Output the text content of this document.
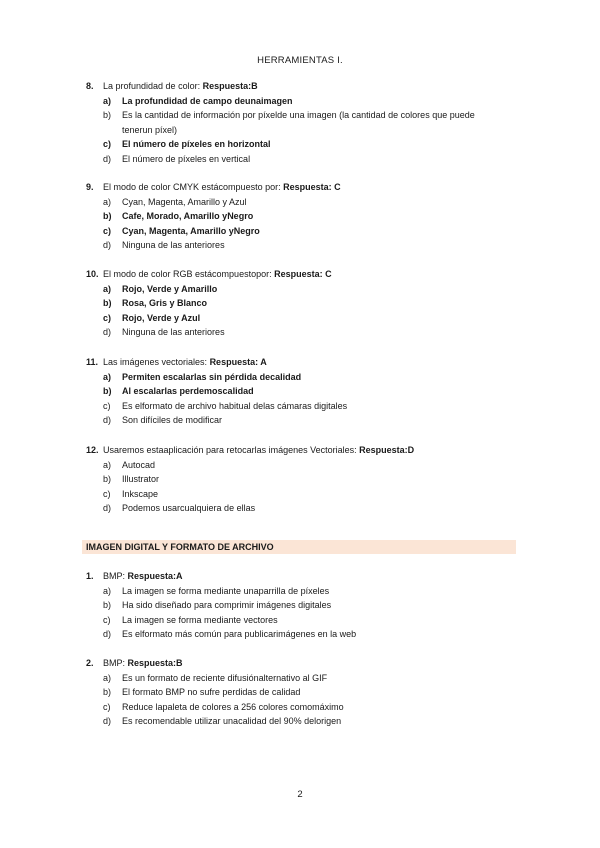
HERRAMIENTAS I.
8.	La profundidad de color: Respuesta:B
a)	La profundidad de campo deunaimagen
b)	Es la cantidad de información por píxelde una imagen (la cantidad de colores que puede tenerun píxel)
c)	El número de píxeles en horizontal
d)	El número de píxeles en vertical
9.	El modo de color CMYK estácompuesto por: Respuesta: C
a)	Cyan, Magenta, Amarillo y Azul
b)	Cafe, Morado, Amarillo yNegro
c)	Cyan, Magenta, Amarillo yNegro
d)	Ninguna de las anteriores
10. El modo de color RGB estácompuestopor: Respuesta: C
a)	Rojo, Verde y Amarillo
b)	Rosa, Gris y Blanco
c)	Rojo, Verde y Azul
d)	Ninguna de las anteriores
11. Las imágenes vectoriales: Respuesta: A
a)	Permiten escalarlas sin pérdida decalidad
b)	Al escalarlas perdemoscalidad
c)	Es elformato de archivo habitual delas cámaras digitales
d)	Son difíciles de modificar
12. Usaremos estaaplicación para retocarlas imágenes Vectoriales: Respuesta:D
a)	Autocad
b)	Illustrator
c)	Inkscape
d)	Podemos usarcualquiera de ellas
IMAGEN DIGITAL Y FORMATO DE ARCHIVO
1.	BMP: Respuesta:A
a)	La imagen se forma mediante unaparrilla de píxeles
b)	Ha sido diseñado para comprimir imágenes digitales
c)	La imagen se forma mediante vectores
d)	Es elformato más común para publicarimágenes en la web
2.	BMP: Respuesta:B
a)	Es un formato de reciente difusiónalternativo al GIF
b)	El formato BMP no sufre perdidas de calidad
c)	Reduce lapaleta de colores a 256 colores comomáximo
d)	Es recomendable utilizar unacalidad del 90% delorigen
2
